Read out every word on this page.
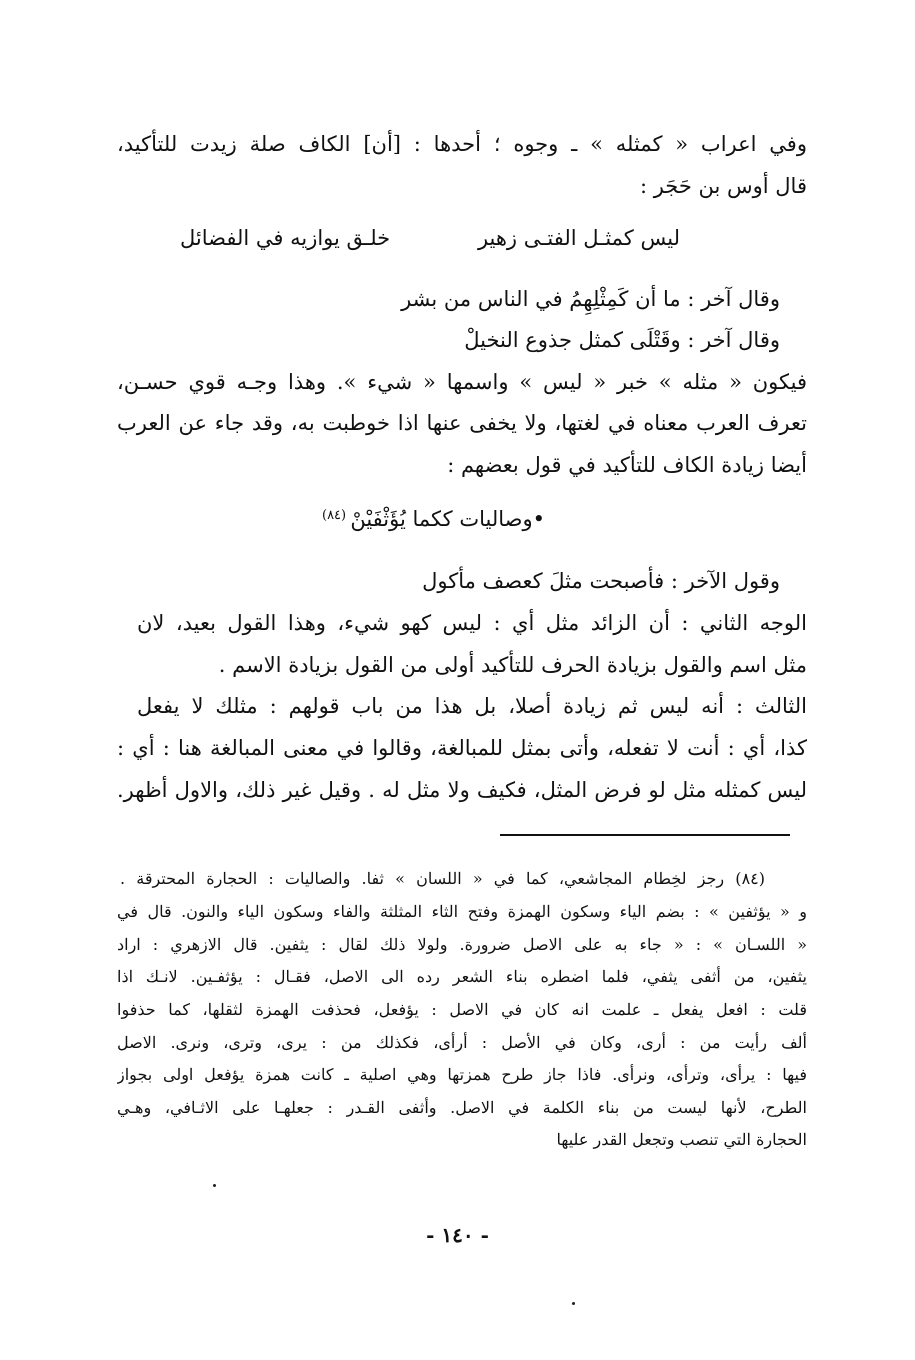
وفي اعراب « كمثله » ـ وجوه ؛ أحدها : [أن] الكاف صلة زيدت للتأكيد،
قال أوس بن حَجَر :
ليس كمثـل الفتـى زهير
خلـق يوازيه في الفضائل
وقال آخر : ما أن كَمِثْلِهِمُ في الناس من بشر
وقال آخر : وقَتْلَى كمثل جذوع النخيلْ
فيكون « مثله » خبر « ليس » واسمها « شيء ». وهذا وجـه قوي حسـن،
تعرف العرب معناه في لغتها، ولا يخفى عنها اذا خوطبت به، وقد جاء عن العرب
أيضا زيادة الكاف للتأكيد في قول بعضهم :
•وصاليات ككما يُؤَثْفَيْنْ
(٨٤)
وقول الآخر : فأصبحت مثلَ كعصف مأكول
الوجه الثاني : أن الزائد مثل أي : ليس كهو شيء، وهذا القول بعيد، لان
مثل اسم والقول بزيادة الحرف للتأكيد أولى من القول بزيادة الاسم .
الثالث : أنه ليس ثم زيادة أصلا، بل هذا من باب قولهم : مثلك لا يفعل
كذا، أي : أنت لا تفعله، وأتى بمثل للمبالغة، وقالوا في معنى المبالغة هنا : أي :
ليس كمثله مثل لو فرض المثل، فكيف ولا مثل له . وقيل غير ذلك، والاول أظهر.
(٨٤) رجز لخِطام المجاشعي، كما في « اللسان » ثفا. والصاليات : الحجارة المحترقة .
و « يؤثفين » : بضم الياء وسكون الهمزة وفتح الثاء المثلثة والفاء وسكون الياء والنون. قال في
« اللسـان » : « جاء به على الاصل ضرورة. ولولا ذلك لقال : يثفين. قال الازهري : اراد
يثفين، من أثفى يثفي، فلما اضطره بناء الشعر رده الى الاصل، فقـال : يؤثفـين. لانـك اذا
قلت : افعل يفعل ـ علمت انه كان في الاصل : يؤفعل، فحذفت الهمزة لثقلها، كما حذفوا
ألف رأيت من : أرى، وكان في الأصل : أرأى، فكذلك من : يرى، وترى، ونرى. الاصل
فيها : يرأى، وترأى، ونرأى. فاذا جاز طرح همزتها وهي اصلية ـ كانت همزة يؤفعل اولى بجواز
الطرح، لأنها ليست من بناء الكلمة في الاصل. وأثفى القـدر : جعلهـا على الاثـافي، وهـي
الحجارة التي تنصب وتجعل القدر عليها
- ١٤٠ -
